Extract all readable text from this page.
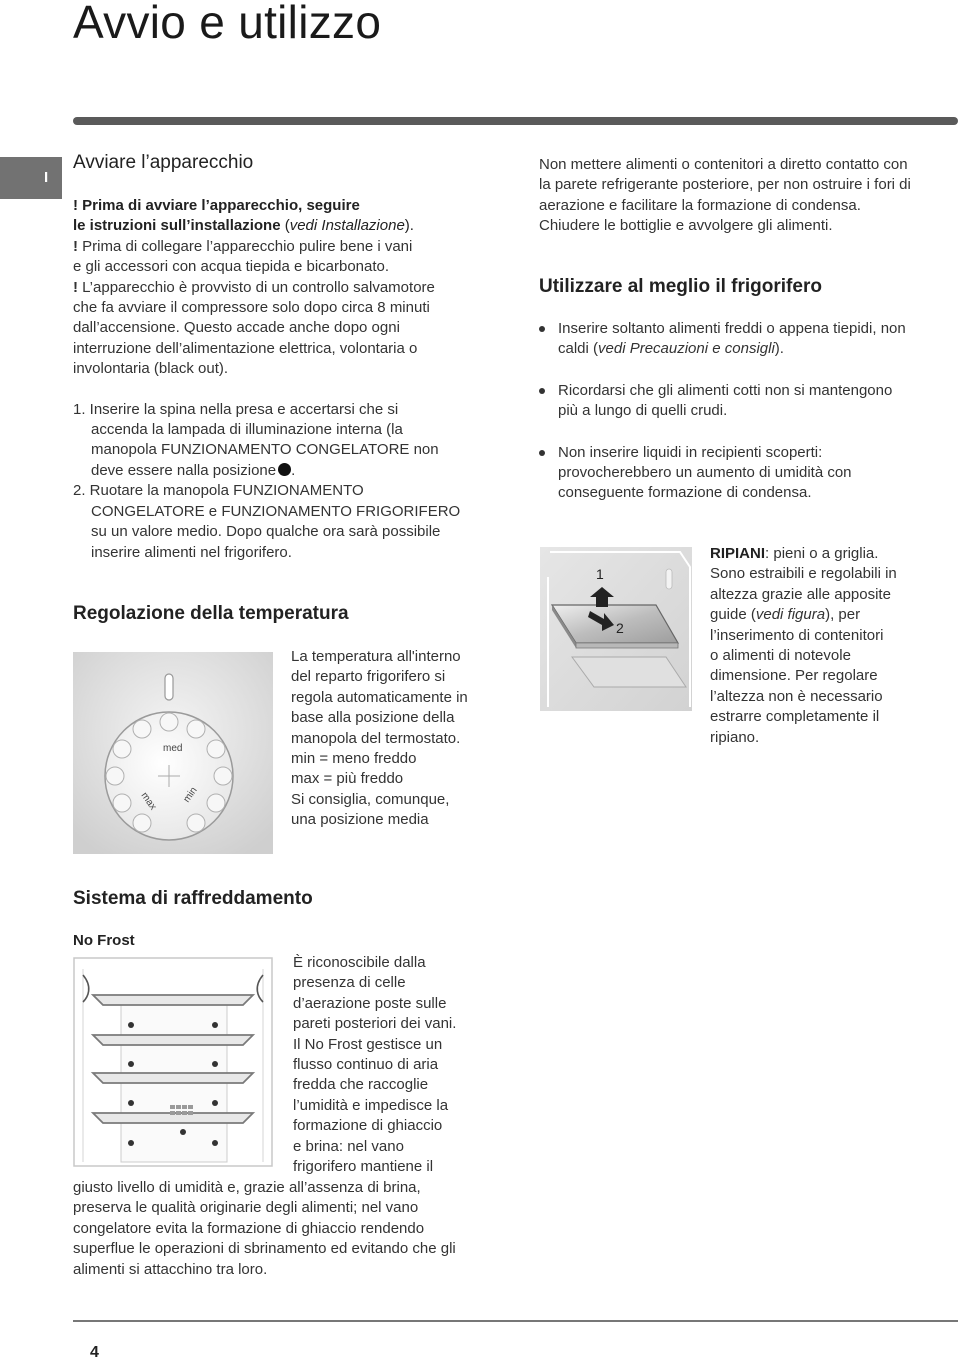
Avvio e utilizzo
I
Avviare l’apparecchio

! Prima di avviare l’apparecchio, seguire
le istruzioni sull’installazione (vedi Installazione).

! Prima di collegare l’apparecchio pulire bene i vani
e gli accessori con acqua tiepida e bicarbonato.

! L’apparecchio è provvisto di un controllo salvamotore
che fa avviare il compressore solo dopo circa 8 minuti
dall’accensione. Questo accade anche dopo ogni
interruzione dell’alimentazione elettrica, volontaria o
involontaria (black out).

1. Inserire la spina nella presa e accertarsi che si
accenda la lampada di illuminazione interna (la
manopola FUNZIONAMENTO CONGELATORE non
deve essere nalla posizione .

2. Ruotare la manopola FUNZIONAMENTO
CONGELATORE e FUNZIONAMENTO FRIGORIFERO
su un valore medio. Dopo qualche ora sarà possibile
inserire alimenti nel frigorifero.

Regolazione della temperatura
med
max min

La temperatura all'interno
del reparto frigorifero si
regola automaticamente in
base alla posizione della
manopola del termostato.
min = meno freddo
max = più freddo
Si consiglia, comunque,
una posizione media

Sistema di raffreddamento
No Frost

È riconoscibile dalla
presenza di celle
d’aerazione poste sulle
pareti posteriori dei vani.
Il No Frost gestisce un
flusso continuo di aria
fredda che raccoglie
l’umidità e impedisce la
formazione di ghiaccio
e brina: nel vano
frigorifero mantiene il

giusto livello di umidità e, grazie all’assenza di brina,
preserva le qualità originarie degli alimenti; nel vano
congelatore evita la formazione di ghiaccio rendendo
superflue le operazioni di sbrinamento ed evitando che gli
alimenti si attacchino tra loro.

Non mettere alimenti o contenitori a diretto contatto con
la parete refrigerante posteriore, per non ostruire i fori di
aerazione e facilitare la formazione di condensa.
Chiudere le bottiglie e avvolgere gli alimenti.

Utilizzare al meglio il frigorifero

Inserire soltanto alimenti freddi o appena tiepidi, non
caldi (vedi Precauzioni e consigli).

Ricordarsi che gli alimenti cotti non si mantengono
più a lungo di quelli crudi.

Non inserire liquidi in recipienti scoperti:
provocherebbero un aumento di umidità con
conseguente formazione di condensa.

1
2

RIPIANI: pieni o a griglia.
Sono estraibili e regolabili in
altezza grazie alle apposite
guide (vedi figura), per
l’inserimento di contenitori
o alimenti di notevole
dimensione. Per regolare
l’altezza non è necessario
estrarre completamente il
ripiano.

4
